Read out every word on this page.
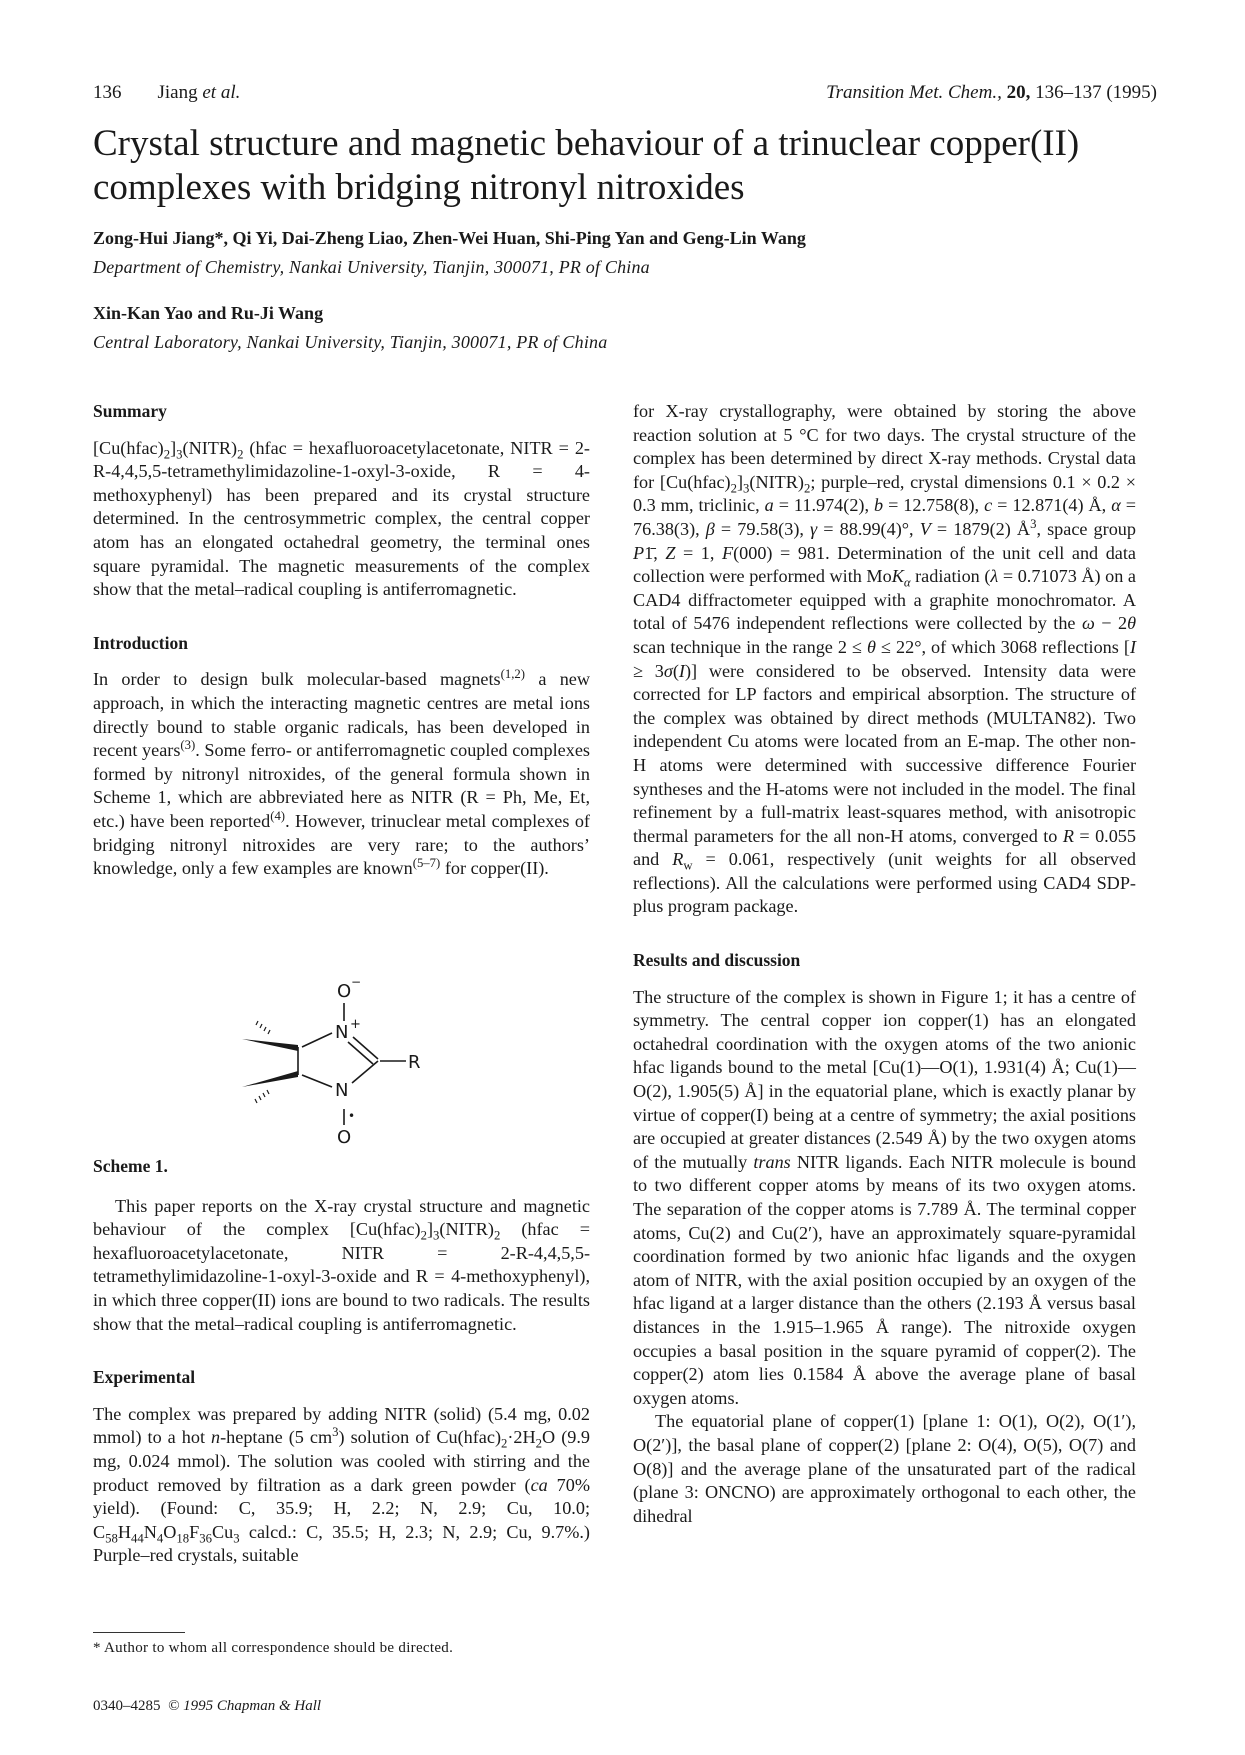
136 Jiang et al.	Transition Met. Chem., 20, 136–137 (1995)
Crystal structure and magnetic behaviour of a trinuclear copper(II) complexes with bridging nitronyl nitroxides
Zong-Hui Jiang*, Qi Yi, Dai-Zheng Liao, Zhen-Wei Huan, Shi-Ping Yan and Geng-Lin Wang
Department of Chemistry, Nankai University, Tianjin, 300071, PR of China
Xin-Kan Yao and Ru-Ji Wang
Central Laboratory, Nankai University, Tianjin, 300071, PR of China
Summary

$[Cu(hfac)_2]_3(NITR)_2$ (hfac = hexafluoroacetylacetonate, NITR = 2-R-4,4,5,5-tetramethylimidazoline-1-oxyl-3-oxide, R = 4-methoxyphenyl) has been prepared and its crystal structure determined. In the centrosymmetric complex, the central copper atom has an elongated octahedral geometry, the terminal ones square pyramidal. The magnetic measurements of the complex show that the metal–radical coupling is antiferromagnetic.

Introduction

In order to design bulk molecular-based magnets$^{(1,2)}$ a new approach, in which the interacting magnetic centres are metal ions directly bound to stable organic radicals, has been developed in recent years$^{(3)}$. Some ferro- or antiferromagnetic coupled complexes formed by nitronyl nitroxides, of the general formula shown in Scheme 1, which are abbreviated here as NITR (R = Ph, Me, Et, etc.) have been reported$^{(4)}$. However, trinuclear metal complexes of bridging nitronyl nitroxides are very rare; to the authors’ knowledge, only a few examples are known$^{(5-7)}$ for copper(II).

This paper reports on the X-ray crystal structure and magnetic behaviour of the complex $[Cu(hfac)_2]_3(NITR)_2$ (hfac = hexafluoroacetylacetonate, NITR = 2-R-4,4,5,5-tetramethylimidazoline-1-oxyl-3-oxide and R = 4-methoxyphenyl), in which three copper(II) ions are bound to two radicals. The results show that the metal–radical coupling is antiferromagnetic.

Experimental

The complex was prepared by adding NITR (solid) (5.4 mg, 0.02 mmol) to a hot n-heptane (5 $cm^3$) solution of $Cu(hfac)_2\cdot 2H_2O$ (9.9 mg, 0.024 mmol). The solution was cooled with stirring and the product removed by filtration as a dark green powder (ca 70% yield). (Found: C, 35.9; H, 2.2; N, 2.9; Cu, 10.0; $C_{58}H_{44}N_4O_{18}F_{36}Cu_3$ calcd.: C, 35.5; H, 2.3; N, 2.9; Cu, 9.7%.) Purple–red crystals, suitable

O −
N +
R
N
•
O
Scheme 1.

for X-ray crystallography, were obtained by storing the above reaction solution at 5 °C for two days. The crystal structure of the complex has been determined by direct X-ray methods. Crystal data for $[Cu(hfac)_2]_3(NITR)_2$; purple–red, crystal dimensions 0.1 × 0.2 × 0.3 mm, triclinic, a = 11.974(2), b = 12.758(8), c = 12.871(4) Å, α = 76.38(3), β = 79.58(3), γ = 88.99(4)°, V = 1879(2) $Å^3$, space group P1̄, Z = 1, F(000) = 981. Determination of the unit cell and data collection were performed with MoK$_\alpha$ radiation (λ = 0.71073 Å) on a CAD4 diffractometer equipped with a graphite monochromator. A total of 5476 independent reflections were collected by the ω − 2θ scan technique in the range 2 ≤ θ ≤ 22°, of which 3068 reflections [I ≥ 3σ(I)] were considered to be observed. Intensity data were corrected for LP factors and empirical absorption. The structure of the complex was obtained by direct methods (MULTAN82). Two independent Cu atoms were located from an E-map. The other non-H atoms were determined with successive difference Fourier syntheses and the H-atoms were not included in the model. The final refinement by a full-matrix least-squares method, with anisotropic thermal parameters for the all non-H atoms, converged to R = 0.055 and $R_w = 0.061$, respectively (unit weights for all observed reflections). All the calculations were performed using CAD4 SDP-plus program package.

Results and discussion

The structure of the complex is shown in Figure 1; it has a centre of symmetry. The central copper ion copper(1) has an elongated octahedral coordination with the oxygen atoms of the two anionic hfac ligands bound to the metal [Cu(1)—O(1), 1.931(4) Å; Cu(1)—O(2), 1.905(5) Å] in the equatorial plane, which is exactly planar by virtue of copper(I) being at a centre of symmetry; the axial positions are occupied at greater distances (2.549 Å) by the two oxygen atoms of the mutually trans NITR ligands. Each NITR molecule is bound to two different copper atoms by means of its two oxygen atoms. The separation of the copper atoms is 7.789 Å. The terminal copper atoms, Cu(2) and Cu(2′), have an approximately square-pyramidal coordination formed by two anionic hfac ligands and the oxygen atom of NITR, with the axial position occupied by an oxygen of the hfac ligand at a larger distance than the others (2.193 Å versus basal distances in the 1.915–1.965 Å range). The nitroxide oxygen occupies a basal position in the square pyramid of copper(2). The copper(2) atom lies 0.1584 Å above the average plane of basal oxygen atoms.

The equatorial plane of copper(1) [plane 1: O(1), O(2), O(1′), O(2′)], the basal plane of copper(2) [plane 2: O(4), O(5), O(7) and O(8)] and the average plane of the unsaturated part of the radical (plane 3: ONCNO) are approximately orthogonal to each other, the dihedral

* Author to whom all correspondence should be directed.
0340–4285 © 1995 Chapman & Hall
